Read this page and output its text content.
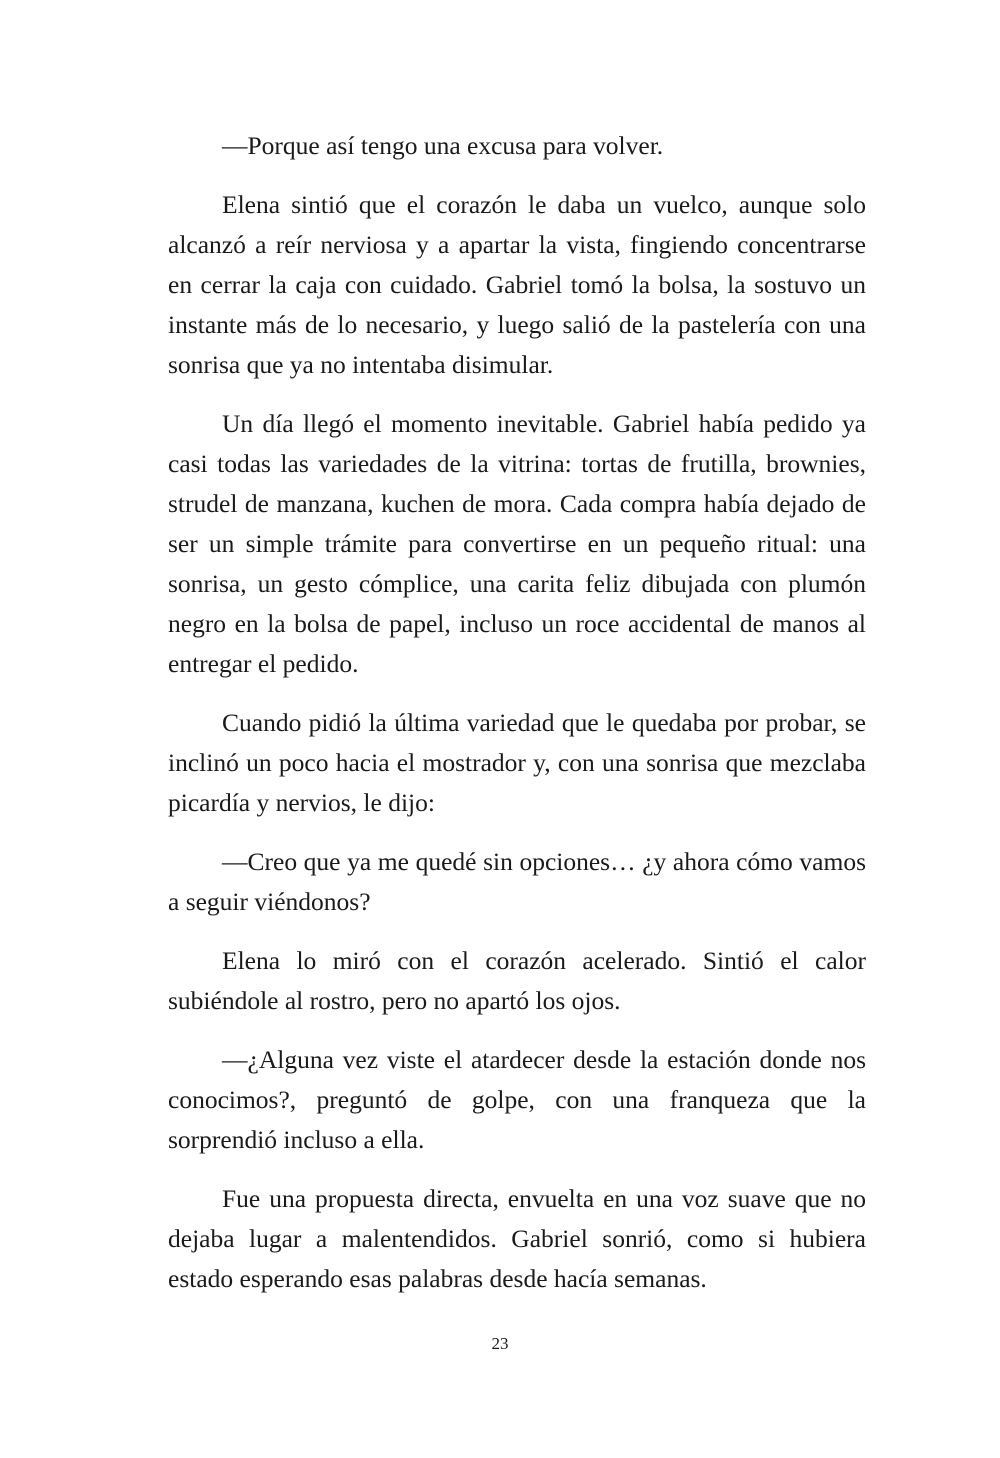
—Porque así tengo una excusa para volver.

Elena sintió que el corazón le daba un vuelco, aunque solo alcanzó a reír nerviosa y a apartar la vista, fingiendo concentrarse en cerrar la caja con cuidado. Gabriel tomó la bolsa, la sostuvo un instante más de lo necesario, y luego salió de la pastelería con una sonrisa que ya no intentaba disimular.

Un día llegó el momento inevitable. Gabriel había pedido ya casi todas las variedades de la vitrina: tortas de frutilla, brownies, strudel de manzana, kuchen de mora. Cada compra había dejado de ser un simple trámite para convertirse en un pequeño ritual: una sonrisa, un gesto cómplice, una carita feliz dibujada con plumón negro en la bolsa de papel, incluso un roce accidental de manos al entregar el pedido.

Cuando pidió la última variedad que le quedaba por probar, se inclinó un poco hacia el mostrador y, con una sonrisa que mezclaba picardía y nervios, le dijo:

—Creo que ya me quedé sin opciones… ¿y ahora cómo vamos a seguir viéndonos?

Elena lo miró con el corazón acelerado. Sintió el calor subiéndole al rostro, pero no apartó los ojos.

—¿Alguna vez viste el atardecer desde la estación donde nos conocimos?, preguntó de golpe, con una franqueza que la sorprendió incluso a ella.

Fue una propuesta directa, envuelta en una voz suave que no dejaba lugar a malentendidos. Gabriel sonrió, como si hubiera estado esperando esas palabras desde hacía semanas.

23
